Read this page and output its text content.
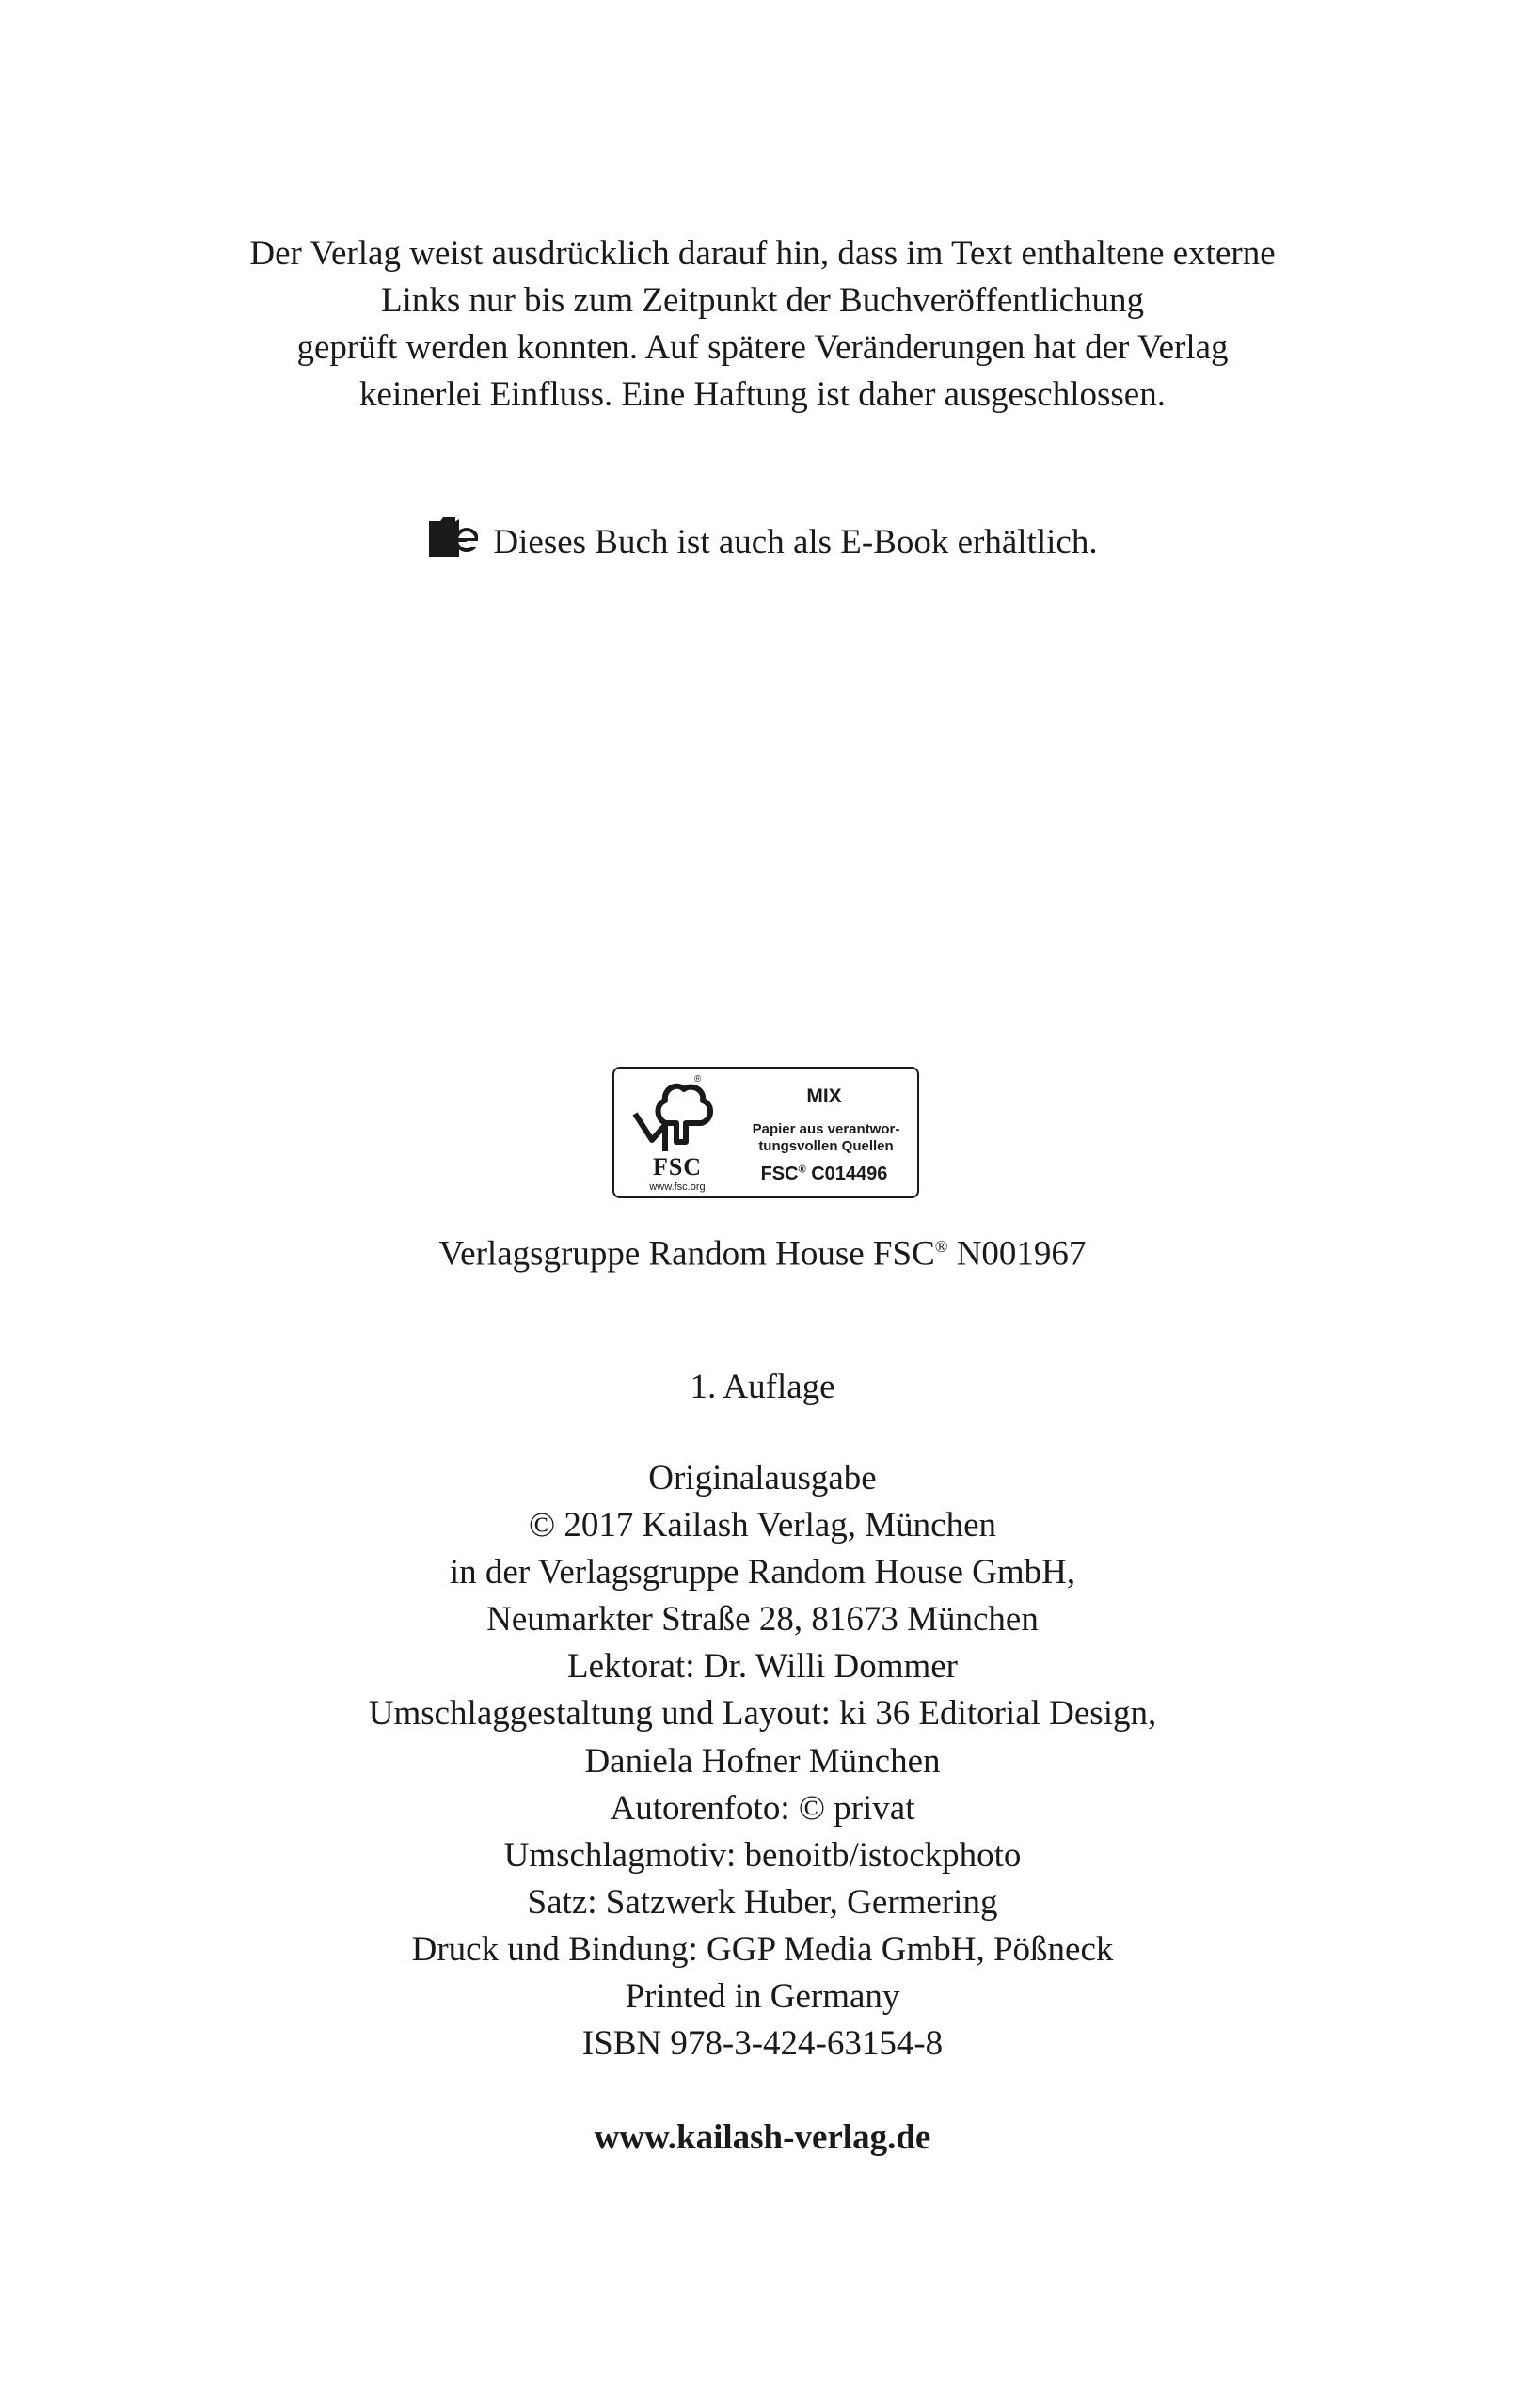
Der Verlag weist ausdrücklich darauf hin, dass im Text enthaltene externe
Links nur bis zum Zeitpunkt der Buchveröffentlichung
geprüft werden konnten. Auf spätere Veränderungen hat der Verlag
keinerlei Einfluss. Eine Haftung ist daher ausgeschlossen.
Dieses Buch ist auch als E-Book erhältlich.
®
FSC
www.fsc.org
MIX
Papier aus verantwor-
tungsvollen Quellen
FSC® C014496
Verlagsgruppe Random House FSC® N001967
1. Auflage
Originalausgabe
© 2017 Kailash Verlag, München
in der Verlagsgruppe Random House GmbH,
Neumarkter Straße 28, 81673 München
Lektorat: Dr. Willi Dommer
Umschlaggestaltung und Layout: ki 36 Editorial Design,
Daniela Hofner München
Autorenfoto: © privat
Umschlagmotiv: benoitb/istockphoto
Satz: Satzwerk Huber, Germering
Druck und Bindung: GGP Media GmbH, Pößneck
Printed in Germany
ISBN 978-3-424-63154-8
www.kailash-verlag.de
